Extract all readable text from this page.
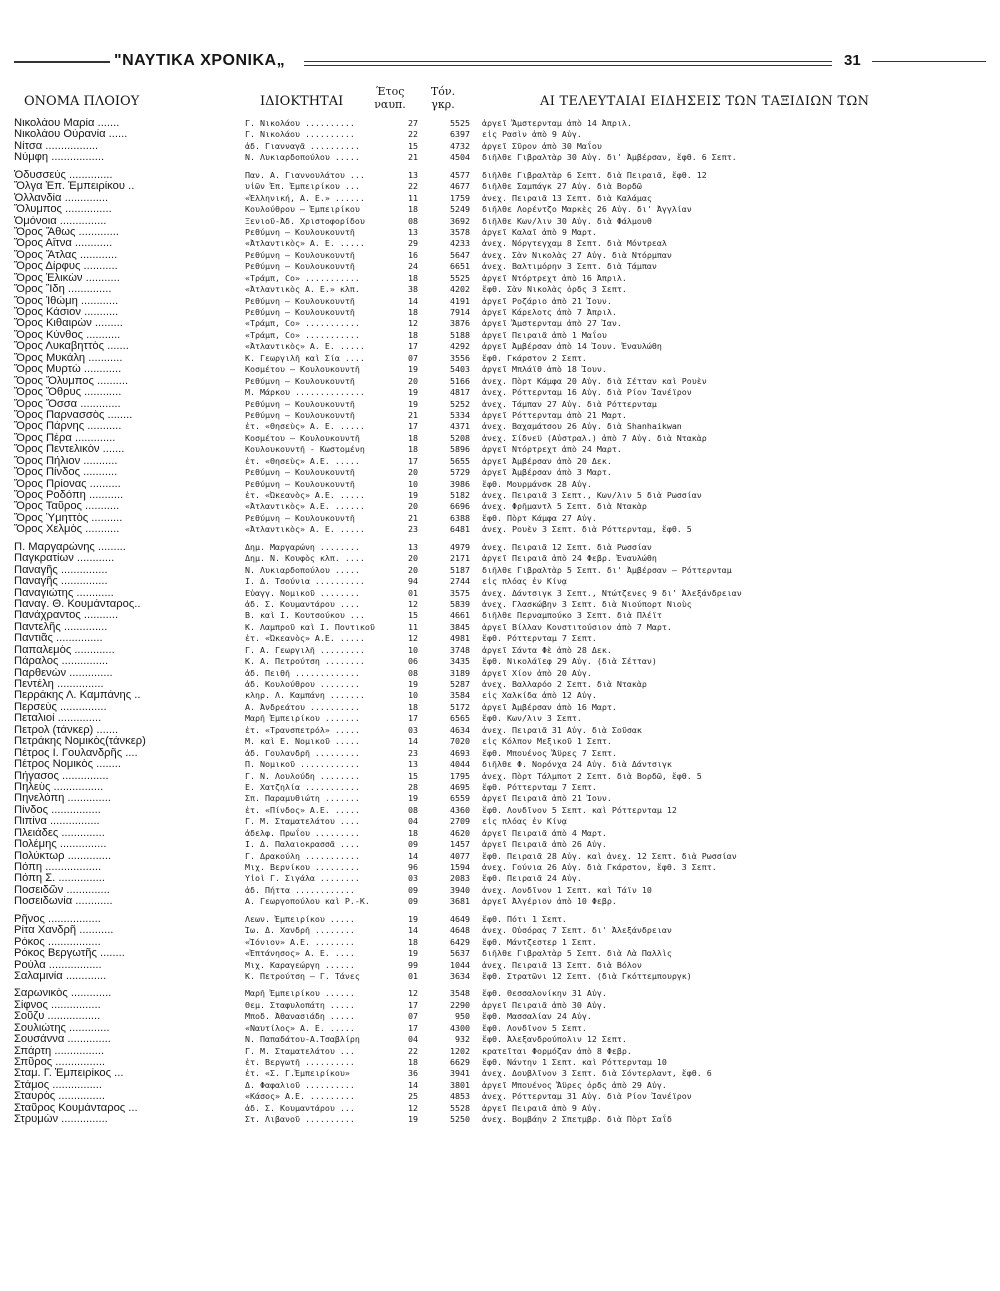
"ΝΑΥΤΙΚΑ ΧΡΟΝΙΚΑ„	31
ΟΝΟΜΑ ΠΛΟΙΟΥ	ΙΔΙΟΚΤΗΤΑΙ
Έτος ναυπ.
Τόν. γκρ.	ΑΙ ΤΕΛΕΥΤΑΙΑΙ ΕΙΔΗΣΕΙΣ ΤΩΝ ΤΑΞΙΔΙΩΝ ΤΩΝ
Νικολάου Μαρία .......	Γ. Νικολάου ..........	27	5525 ἀργεῖ Ἄμστερνταμ ἀπὸ 14 Ἀπριλ.
Νικολάου Οὐρανία ......	Γ. Νικολάου ..........	22	6397 εἰς Ρασὶν ἀπὸ 9 Αὐγ.
Νίτσα .................	ἀδ. Γιανναγᾶ ..........	15	4732 ἀργεῖ Σῦρον ἀπὸ 30 Μαΐου
Νύμφη .................	Ν. Λυκιαρδοπούλου .....	21	4504 διῆλθε Γιβραλτὰρ 30 Αὐγ. δι' Ἀμβέρσαν, ἔφθ. 6 Σεπτ.
Ὀδυσσεύς ..............	Παν. Α. Γιαννουλάτου ...	13	4577 διῆλθε Γιβραλτὰρ 6 Σεπτ. διὰ Πειραιᾶ, ἔφθ. 12
Ὄλγα Ἐπ. Ἐμπειρίκου ..	υἱῶν Ἐπ. Ἐμπειρίκου ...	22	4677 διῆλθε Σαμπάγκ 27 Αὐγ. διὰ Βορδῶ
Ὀλλανδία ..............	«Ἑλληνική, Α. Ε.» ......	11	1759 ἀνεχ. Πειραιᾶ 13 Σεπτ. διὰ Καλάμας
Ὄλυμπος ...............	Κουλούθρου — Ἐμπειρίκου	18	5249 διῆλθε Λορέντζο Μαρκὲς 26 Αὐγ. δι' Ἀγγλίαν
Ὁμόνοια ...............	Ξενιοῦ-Ἀδ. Χριστοφορίδου	08	3692 διῆλθε Κων/λιν 30 Αὐγ. διὰ Φάλμουθ
Ὄρος Ἄθως .............	Ρεθύμνη — Κουλουκουντῆ	13	3578 ἀργεῖ Καλαῖ ἀπὸ 9 Μαρτ.
Ὄρος Αἴτνα ............	«Ἀτλαντικὸς» Α. Ε. .....	29	4233 ἀνεχ. Νόργτεγχαμ 8 Σεπτ. διὰ Μόντρεαλ
Ὄρος Ἄτλας ............	Ρεθύμνη — Κουλουκουντῆ	16	5647 ἀνεχ. Σὰν Νικολὰς 27 Αὐγ. διὰ Ντόρμπαν
Ὄρος Δίρφυς ...........	Ρεθύμνη — Κουλουκουντῆ	24	6651 ἀνεχ. Βαλτιμόρην 3 Σεπτ. διὰ Τάμπαν
Ὄρος Ἑλικὼν ...........	«Τράμπ, Co» ...........	18	5525 ἀργεῖ Ντόρτρεχτ ἀπὸ 16 Ἀπριλ.
Ὄρος Ἴδη ..............	«Ἀτλαντικὸς Α. Ε.» κλπ.	38	4202 ἔφθ. Σὰν Νικολὰς ὁρδς 3 Σεπτ.
Ὄρος Ἰθώμη ............	Ρεθύμνη — Κουλουκουντῆ	14	4191 ἀργεῖ Ροζάριο ἀπὸ 21 Ἰουν.
Ὄρος Κάσιον ...........	Ρεθύμνη — Κουλουκουντῆ	18	7914 ἀργεῖ Κάρελοτς ἀπὸ 7 Ἀπριλ.
Ὄρος Κιθαιρὼν .........	«Τράμπ, Co» ...........	12	3876 ἀργεῖ Ἄμστερνταμ ἀπὸ 27 Ἰαν.
Ὄρος Κύνθος ...........	«Τράμπ, Co» ...........	18	5188 ἀργεῖ Πειραιᾶ ἀπὸ 1 Μαΐου
Ὄρος Λυκαβηττὸς .......	«Ἀτλαντικὸς» Α. Ε. .....	17	4292 ἀργεῖ Ἀμβέρσαν ἀπὸ 14 Ἰουν. Ἐναυλώθη
Ὄρος Μυκάλη ...........	Κ. Γεωργιλῆ καὶ Σία ....	07	3556 ἔφθ. Γκάρστον 2 Σεπτ.
Ὄρος Μυρτὼ ............	Κοσμέτου — Κουλουκουντῆ	19	5403 ἀργεῖ Μπλάϊθ ἀπὸ 18 Ἰουν.
Ὄρος Ὄλυμπος ..........	Ρεθύμνη — Κουλουκουντῆ	20	5166 ἀνεχ. Πὸρτ Κάμφα 20 Αὐγ. διὰ Σέτταν καὶ Ρουὲν
Ὄρος Ὄθρυς ............	Μ. Μάρκου ..............	19	4817 ἀνεχ. Ρόττερνταμ 16 Αὐγ. διὰ Ρίον Ἰανέϊρον
Ὄρος Ὄσσα .............	Ρεθύμνη — Κουλουκουντῆ	19	5252 ἀνεχ. Τάμπαν 27 Αὐγ. διὰ Ρόττερνταμ
Ὄρος Παρνασσὸς ........	Ρεθύμνη — Κουλουκουντῆ	21	5334 ἀργεῖ Ρόττερνταμ ἀπὸ 21 Μαρτ.
Ὄρος Πάρνης ...........	ἐτ. «Θησεὺς» Α. Ε. .....	17	4371 ἀνεχ. Βαχαμάτσου 26 Αὐγ. διὰ Shanhaikwan
Ὄρος Πέρα .............	Κοσμέτου — Κουλουκουντῆ	18	5208 ἀνεχ. Σίδνεϋ (Αὐστραλ.) ἀπὸ 7 Αὐγ. διὰ Ντακὰρ
Ὄρος Πεντελικὸν .......	Κουλουκουντῆ - Κωστομένη	18	5896 ἀργεῖ Ντόρτρεχτ ἀπὸ 24 Μαρτ.
Ὄρος Πήλιον ...........	ἐτ. «Θησεὺς» Α.Ε. .....	17	5655 ἀργεῖ Ἀμβέρσαν ἀπὸ 20 Δεκ.
Ὄρος Πίνδος ...........	Ρεθύμνη — Κουλουκουντῆ	20	5729 ἀργεῖ Ἀμβέρσαν ἀπὸ 3 Μαρτ.
Ὄρος Πρίονας ..........	Ρεθύμνη — Κουλουκουντῆ	10	3986 ἔφθ. Μουρμάνσκ 28 Αὐγ.
Ὄρος Ροδόπη ...........	ἐτ. «Ὠκεανὸς» Α.Ε. .....	19	5182 ἀνεχ. Πειραιᾶ 3 Σεπτ., Κων/λιν 5 διὰ Ρωσσίαν
Ὄρος Ταῦρος ...........	«Ἀτλαντικὸς» Α.Ε. ......	20	6696 ἀνεχ. Φρῆμαντλ 5 Σεπτ. διὰ Ντακὰρ
Ὄρος Ὑμηττὸς ..........	Ρεθύμνη — Κουλουκουντῆ	21	6388 ἔφθ. Πὸρτ Κάμφα 27 Αὐγ.
Ὄρος Χελμὸς ...........	«Ἀτλαντικὸς» Α. Ε. .....	23	6481 ἀνεχ. Ρουὲν 3 Σεπτ. διὰ Ρόττερνταμ, ἔφθ. 5
Π. Μαργαρώνης .........	Δημ. Μαργαρώνη ........	13	4979 ἀνεχ. Πειραιᾶ 12 Σεπτ. διὰ Ρωσσίαν
Παγκρατίων ............	Δημ. Ν. Κουφὸς κλπ. ....	20	2171 ἀργεῖ Πειραιᾶ ἀπὸ 24 Φεβρ. Ἐναυλώθη
Παναγῆς ...............	Ν. Λυκιαρδοπούλου .....	20	5187 διῆλθε Γιβραλτὰρ 5 Σεπτ. δι' Ἀμβέρσαν — Ρόττερνταμ
Παναγῆς ...............	Ι. Δ. Τσούνια ..........	94	2744 εἰς πλόας ἐν Κίνᾳ
Παναγιώτης ............	Εὐαγγ. Νομικοῦ ........	01	3575 ἀνεχ. Δάντσιγκ 3 Σεπτ., Ντώτζενες 9 δι' Ἀλεξάνδρειαν
Παναγ. Θ. Κουμάνταρος..	ἀδ. Σ. Κουμαντάρου ....	12	5839 ἀνεχ. Γλασκώβην 3 Σεπτ. διὰ Νιούπορτ Νιοὺς
Πανάχραντος ...........	Β. καὶ Ι. Κουτσούκου ...	15	4661 διῆλθε Περναμπούκο 3 Σεπτ. διὰ Πλέϊτ
Παντελῆς ..............	Κ. Λαμπροῦ καὶ Ι. Ποντικοῦ	11	3845 ἀργεῖ Βίλλαν Κονστιτούσιον ἀπὸ 7 Μαρτ.
Παντιᾶς ...............	ἐτ. «Ὠκεανὸς» Α.Ε. .....	12	4981 ἔφθ. Ρόττερνταμ 7 Σεπτ.
Παπαλεμὸς .............	Γ. Α. Γεωργιλῆ .........	10	3748 ἀργεῖ Σάντα Φὲ ἀπὸ 28 Δεκ.
Πάραλος ...............	Κ. Α. Πετρούτση ........	06	3435 ἔφθ. Νικολάϊεφ 29 Αὐγ. (διὰ Σέτταν)
Παρθενὼν ..............	ἀδ. Πειθῆ .............	08	3189 ἀργεῖ Χίον ἀπὸ 20 Αὐγ.
Πεντέλη ...............	ἀδ. Κουλούθρου ........	19	5287 ἀνεχ. Βαλλαρόο 2 Σεπτ. διὰ Ντακὰρ
Περράκης Λ. Καμπάνης ..	κληρ. Λ. Καμπάνη .......	10	3584 εἰς Χαλκίδα ἀπὸ 12 Αὐγ.
Περσεὺς ...............	Α. Ἀνδρεάτου ..........	18	5172 ἀργεῖ Ἀμβέρσαν ἀπὸ 16 Μαρτ.
Πεταλιοί ..............	Μαρῆ Ἐμπειρίκου .......	17	6565 ἔφθ. Κων/λιν 3 Σεπτ.
Πετρολ (τάνκερ) .......	ἐτ. «Τρανσπετρόλ» .....	03	4634 ἀνεχ. Πειραιᾶ 31 Αὐγ. διὰ Σοῦσακ
Πετράκης Νομικὸς(τάνκερ)	Μ. καὶ Ε. Νομικοῦ .....	14	7020 εἰς Κόλπον Μεξικοῦ 1 Σεπτ.
Πέτρος Ι. Γουλανδρῆς ....	ἀδ. Γουλανδρῆ .........	23	4693 ἔφθ. Μπουένος Ἄϋρες 7 Σεπτ.
Πέτρος Νομικὸς ........	Π. Νομικοῦ ............	13	4044 διῆλθε Φ. Νορόνχα 24 Αὐγ. διὰ Δάντσιγκ
Πήγασος ...............	Γ. Ν. Λουλούδη ........	15	1795 ἀνεχ. Πὸρτ Τάλμποτ 2 Σεπτ. διὰ Βορδῶ, ἔφθ. 5
Πηλεὺς ................	Ε. Χατζηλία ...........	28	4695 ἔφθ. Ρόττερνταμ 7 Σεπτ.
Πηνελόπη ..............	Σπ. Παραμυθιώτη .......	19	6559 ἀργεῖ Πειραιᾶ ἀπὸ 21 Ἰουν.
Πίνδος ................	ἐτ. «Πίνδος» Α.Ε. .....	08	4360 ἔφθ. Λονδῖνον 5 Σεπτ. καὶ Ρόττερνταμ 12
Πιπίνα ................	Γ. Μ. Σταματελάτου ....	04	2709 εἰς πλόας ἐν Κίνᾳ
Πλειάδες ..............	ἀδελφ. Πρωΐου .........	18	4620 ἀργεῖ Πειραιᾶ ἀπὸ 4 Μαρτ.
Πολέμης ...............	Ι. Δ. Παλαιοκρασσᾶ ....	09	1457 ἀργεῖ Πειραιᾶ ἀπὸ 26 Αὐγ.
Πολύκτωρ ..............	Γ. Δρακούλη ...........	14	4077 ἔφθ. Πειραιᾶ 28 Αὐγ. καὶ ἀνεχ. 12 Σεπτ. διὰ Ρωσσίαν
Πόπη ..................	Μιχ. Βερνίκου .........	96	1594 ἀνεχ. Γούνια 26 Αὐγ. διὰ Γκάρστον, ἔφθ. 3 Σεπτ.
Πόπη Σ. ...............	Υἱοὶ Γ. Σιγάλα ........	03	2083 ἔφθ. Πειραιᾶ 24 Αὐγ.
Ποσειδῶν ..............	ἀδ. Πήττα ............	09	3940 ἀνεχ. Λονδῖνον 1 Σεπτ. καὶ Τάϊν 10
Ποσειδωνία ............	Α. Γεωργοπούλου καὶ Ρ.-Κ.	09	3681 ἀργεῖ Ἀλγέριον ἀπὸ 10 Φεβρ.
Ρῆνος .................	Λεων. Ἐμπειρίκου .....	19	4649 ἔφθ. Πότι 1 Σεπτ.
Ρίτα Χανδρῆ ...........	Ἰω. Δ. Χανδρῆ ........	14	4648 ἀνεχ. Οὐσόρας 7 Σεπτ. δι' Ἀλεξάνδρειαν
Ρόκος .................	«Ἰόνιον» Α.Ε. ........	18	6429 ἔφθ. Μάντζεστερ 1 Σεπτ.
Ρόκος Βεργωτῆς ........	«Ἐπτάνησος» Α. Ε. ....	19	5637 διῆλθε Γιβραλτὰρ 5 Σεπτ. διὰ Λὰ Παλλὶς
Ρούλα .................	Μιχ. Καραγεώργη ......	99	1044 ἀνεχ. Πειραιᾶ 13 Σεπτ. διὰ Βόλον
Σαλαμινία .............	Κ. Πετρούτση — Γ. Τάνες	01	3634 ἔφθ. Στρατῶνι 12 Σεπτ. (διὰ Γκόττεμπουργκ)
Σαρωνικὸς .............	Μαρῆ Ἐμπειρίκου ......	12	3548 ἔφθ. Θεσσαλονίκην 31 Αὐγ.
Σίφνος ................	Θεμ. Σταφυλοπάτη .....	17	2290 ἀργεῖ Πειραιᾶ ἀπὸ 30 Αὐγ.
Σοῦζυ .................	Μποδ. Ἀθανασιάδη .....	07	950 ἔφθ. Μασσαλίαν 24 Αὐγ.
Σουλιώτης .............	«Ναυτίλος» Α. Ε. .....	17	4300 ἔφθ. Λονδῖνον 5 Σεπτ.
Σουσάννα ..............	Ν. Παπαδάτου-Α.Τσαβλίρη	04	932 ἔφθ. Ἀλεξανδρούπολιν 12 Σεπτ.
Σπάρτη ................	Γ. Μ. Σταματελάτου ...	22	1202 κρατεῖται Φορμόζαν ἀπὸ 8 Φεβρ.
Σπῦρος ................	ἐτ. Βεργωτῆ ..........	18	6629 ἔφθ. Νάντην 1 Σεπτ. καὶ Ρόττερνταμ 10
Σταμ. Γ. Ἐμπειρίκος ...	ἐτ. «Σ. Γ.Ἐμπειρίκου»	36	3941 ἀνεχ. Δουβλῖνον 3 Σεπτ. διὰ Σόντερλαντ, ἔφθ. 6
Στάμος ................	Δ. Φαφαλιοῦ ..........	14	3801 ἀργεῖ Μπουένος Ἄϋρες ὁρδς ἀπὸ 29 Αὐγ.
Σταυρὸς ...............	«Κάσος» Α.Ε. .........	25	4853 ἀνεχ. Ρόττερνταμ 31 Αὐγ. διὰ Ρίον Ἰανέϊρον
Σταῦρος Κουμάνταρος ...	ἀδ. Σ. Κουμαντάρου ...	12	5528 ἀργεῖ Πειραιᾶ ἀπὸ 9 Αὐγ.
Στρυμὼν ...............	Στ. Λιβανοῦ ..........	19	5250 ἀνεχ. Βομβάην 2 Σπετμβρ. διὰ Πὸρτ Σαΐδ
